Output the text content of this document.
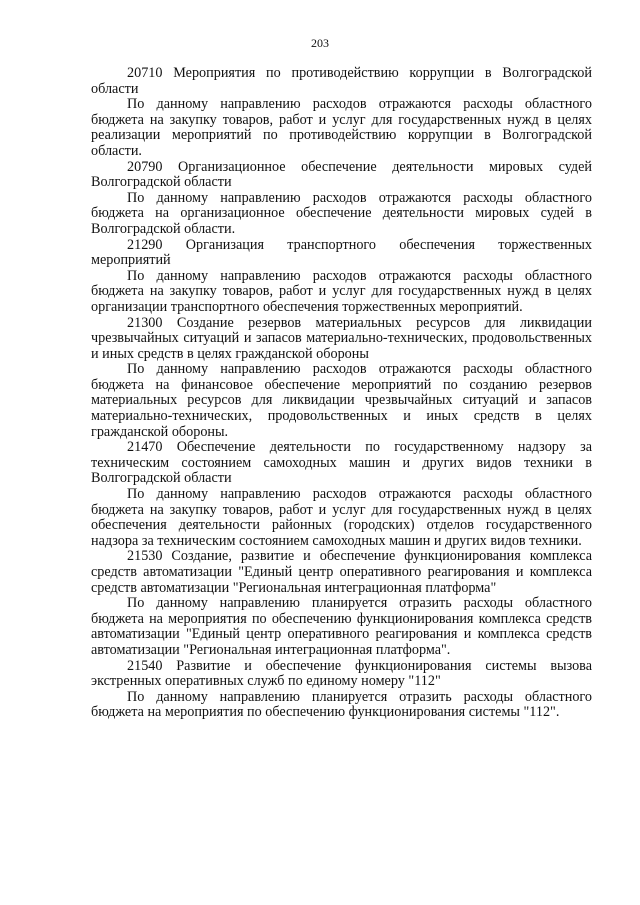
203

20710 Мероприятия по противодействию коррупции в Волгоградской области

По данному направлению расходов отражаются расходы областного бюджета на закупку товаров, работ и услуг для государственных нужд в целях реализации мероприятий по противодействию коррупции в Волгоградской области.

20790 Организационное обеспечение деятельности мировых судей Волгоградской области

По данному направлению расходов отражаются расходы областного бюджета на организационное обеспечение деятельности мировых судей в Волгоградской области.

21290 Организация транспортного обеспечения торжественных мероприятий

По данному направлению расходов отражаются расходы областного бюджета на закупку товаров, работ и услуг для государственных нужд в целях организации транспортного обеспечения торжественных мероприятий.

21300 Создание резервов материальных ресурсов для ликвидации чрезвычайных ситуаций и запасов материально-технических, продовольственных и иных средств в целях гражданской обороны

По данному направлению расходов отражаются расходы областного бюджета на финансовое обеспечение мероприятий по созданию резервов материальных ресурсов для ликвидации чрезвычайных ситуаций и запасов материально-технических, продовольственных и иных средств в целях гражданской обороны.

21470 Обеспечение деятельности по государственному надзору за техническим состоянием самоходных машин и других видов техники в Волгоградской области

По данному направлению расходов отражаются расходы областного бюджета на закупку товаров, работ и услуг для государственных нужд в целях обеспечения деятельности районных (городских) отделов государственного надзора за техническим состоянием самоходных машин и других видов техники.

21530 Создание, развитие и обеспечение функционирования комплекса средств автоматизации "Единый центр оперативного реагирования и комплекса средств автоматизации "Региональная интеграционная платформа"

По данному направлению планируется отразить расходы областного бюджета на мероприятия по обеспечению функционирования комплекса средств автоматизации "Единый центр оперативного реагирования и комплекса средств автоматизации "Региональная интеграционная платформа".

21540 Развитие и обеспечение функционирования системы вызова экстренных оперативных служб по единому номеру "112"

По данному направлению планируется отразить расходы областного бюджета на мероприятия по обеспечению функционирования системы "112".
